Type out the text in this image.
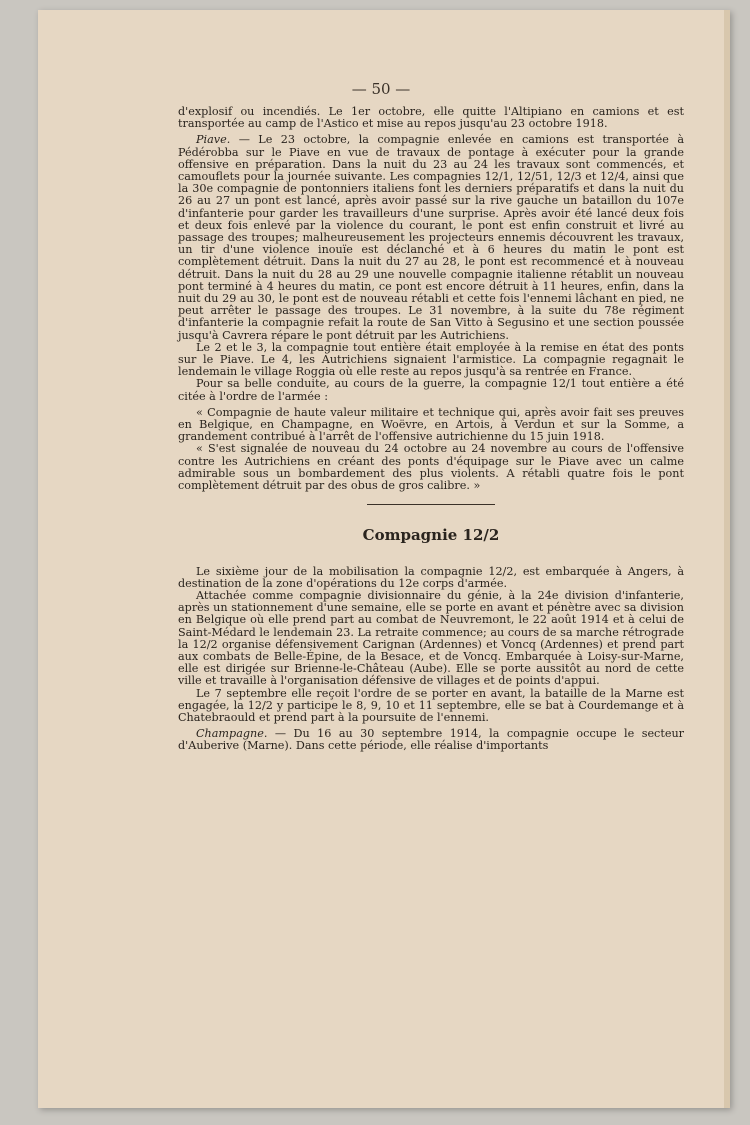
— 50 —

d'explosif ou incendiés. Le 1er octobre, elle quitte l'Altipiano en camions et est transportée au camp de l'Astico et mise au repos jusqu'au 23 octobre 1918.

Piave. — Le 23 octobre, la compagnie enlevée en camions est transportée à Pédérobba sur le Piave en vue de travaux de pontage à exécuter pour la grande offensive en préparation. Dans la nuit du 23 au 24 les travaux sont commencés, et camouflets pour la journée suivante. Les compagnies 12/1, 12/51, 12/3 et 12/4, ainsi que la 30e compagnie de pontonniers italiens font les derniers préparatifs et dans la nuit du 26 au 27 un pont est lancé, après avoir passé sur la rive gauche un bataillon du 107e d'infanterie pour garder les travailleurs d'une surprise. Après avoir été lancé deux fois et deux fois enlevé par la violence du courant, le pont est enfin construit et livré au passage des troupes; malheureusement les projecteurs ennemis découvrent les travaux, un tir d'une violence inouïe est déclanché et à 6 heures du matin le pont est complètement détruit. Dans la nuit du 27 au 28, le pont est recommencé et à nouveau détruit. Dans la nuit du 28 au 29 une nouvelle compagnie italienne rétablit un nouveau pont terminé à 4 heures du matin, ce pont est encore détruit à 11 heures, enfin, dans la nuit du 29 au 30, le pont est de nouveau rétabli et cette fois l'ennemi lâchant en pied, ne peut arrêter le passage des troupes. Le 31 novembre, à la suite du 78e régiment d'infanterie la compagnie refait la route de San Vitto à Segusino et une section poussée jusqu'à Cavrera répare le pont détruit par les Autrichiens.

Le 2 et le 3, la compagnie tout entière était employée à la remise en état des ponts sur le Piave. Le 4, les Autrichiens signaient l'armistice. La compagnie regagnait le lendemain le village Roggia où elle reste au repos jusqu'à sa rentrée en France.

Pour sa belle conduite, au cours de la guerre, la compagnie 12/1 tout entière a été citée à l'ordre de l'armée :

« Compagnie de haute valeur militaire et technique qui, après avoir fait ses preuves en Belgique, en Champagne, en Woëvre, en Artois, à Verdun et sur la Somme, a grandement contribué à l'arrêt de l'offensive autrichienne du 15 juin 1918.

« S'est signalée de nouveau du 24 octobre au 24 novembre au cours de l'offensive contre les Autrichiens en créant des ponts d'équipage sur le Piave avec un calme admirable sous un bombardement des plus violents. A rétabli quatre fois le pont complètement détruit par des obus de gros calibre. »

Compagnie 12/2

Le sixième jour de la mobilisation la compagnie 12/2, est embarquée à Angers, à destination de la zone d'opérations du 12e corps d'armée.

Attachée comme compagnie divisionnaire du génie, à la 24e division d'infanterie, après un stationnement d'une semaine, elle se porte en avant et pénètre avec sa division en Belgique où elle prend part au combat de Neuvremont, le 22 août 1914 et à celui de Saint-Médard le lendemain 23. La retraite commence; au cours de sa marche rétrograde la 12/2 organise défensivement Carignan (Ardennes) et Voncq (Ardennes) et prend part aux combats de Belle-Épine, de la Besace, et de Voncq. Embarquée à Loisy-sur-Marne, elle est dirigée sur Brienne-le-Château (Aube). Elle se porte aussitôt au nord de cette ville et travaille à l'organisation défensive de villages et de points d'appui.

Le 7 septembre elle reçoit l'ordre de se porter en avant, la bataille de la Marne est engagée, la 12/2 y participe le 8, 9, 10 et 11 septembre, elle se bat à Courdemange et à Chatebraould et prend part à la poursuite de l'ennemi.

Champagne. — Du 16 au 30 septembre 1914, la compagnie occupe le secteur d'Auberive (Marne). Dans cette période, elle réalise d'importants
